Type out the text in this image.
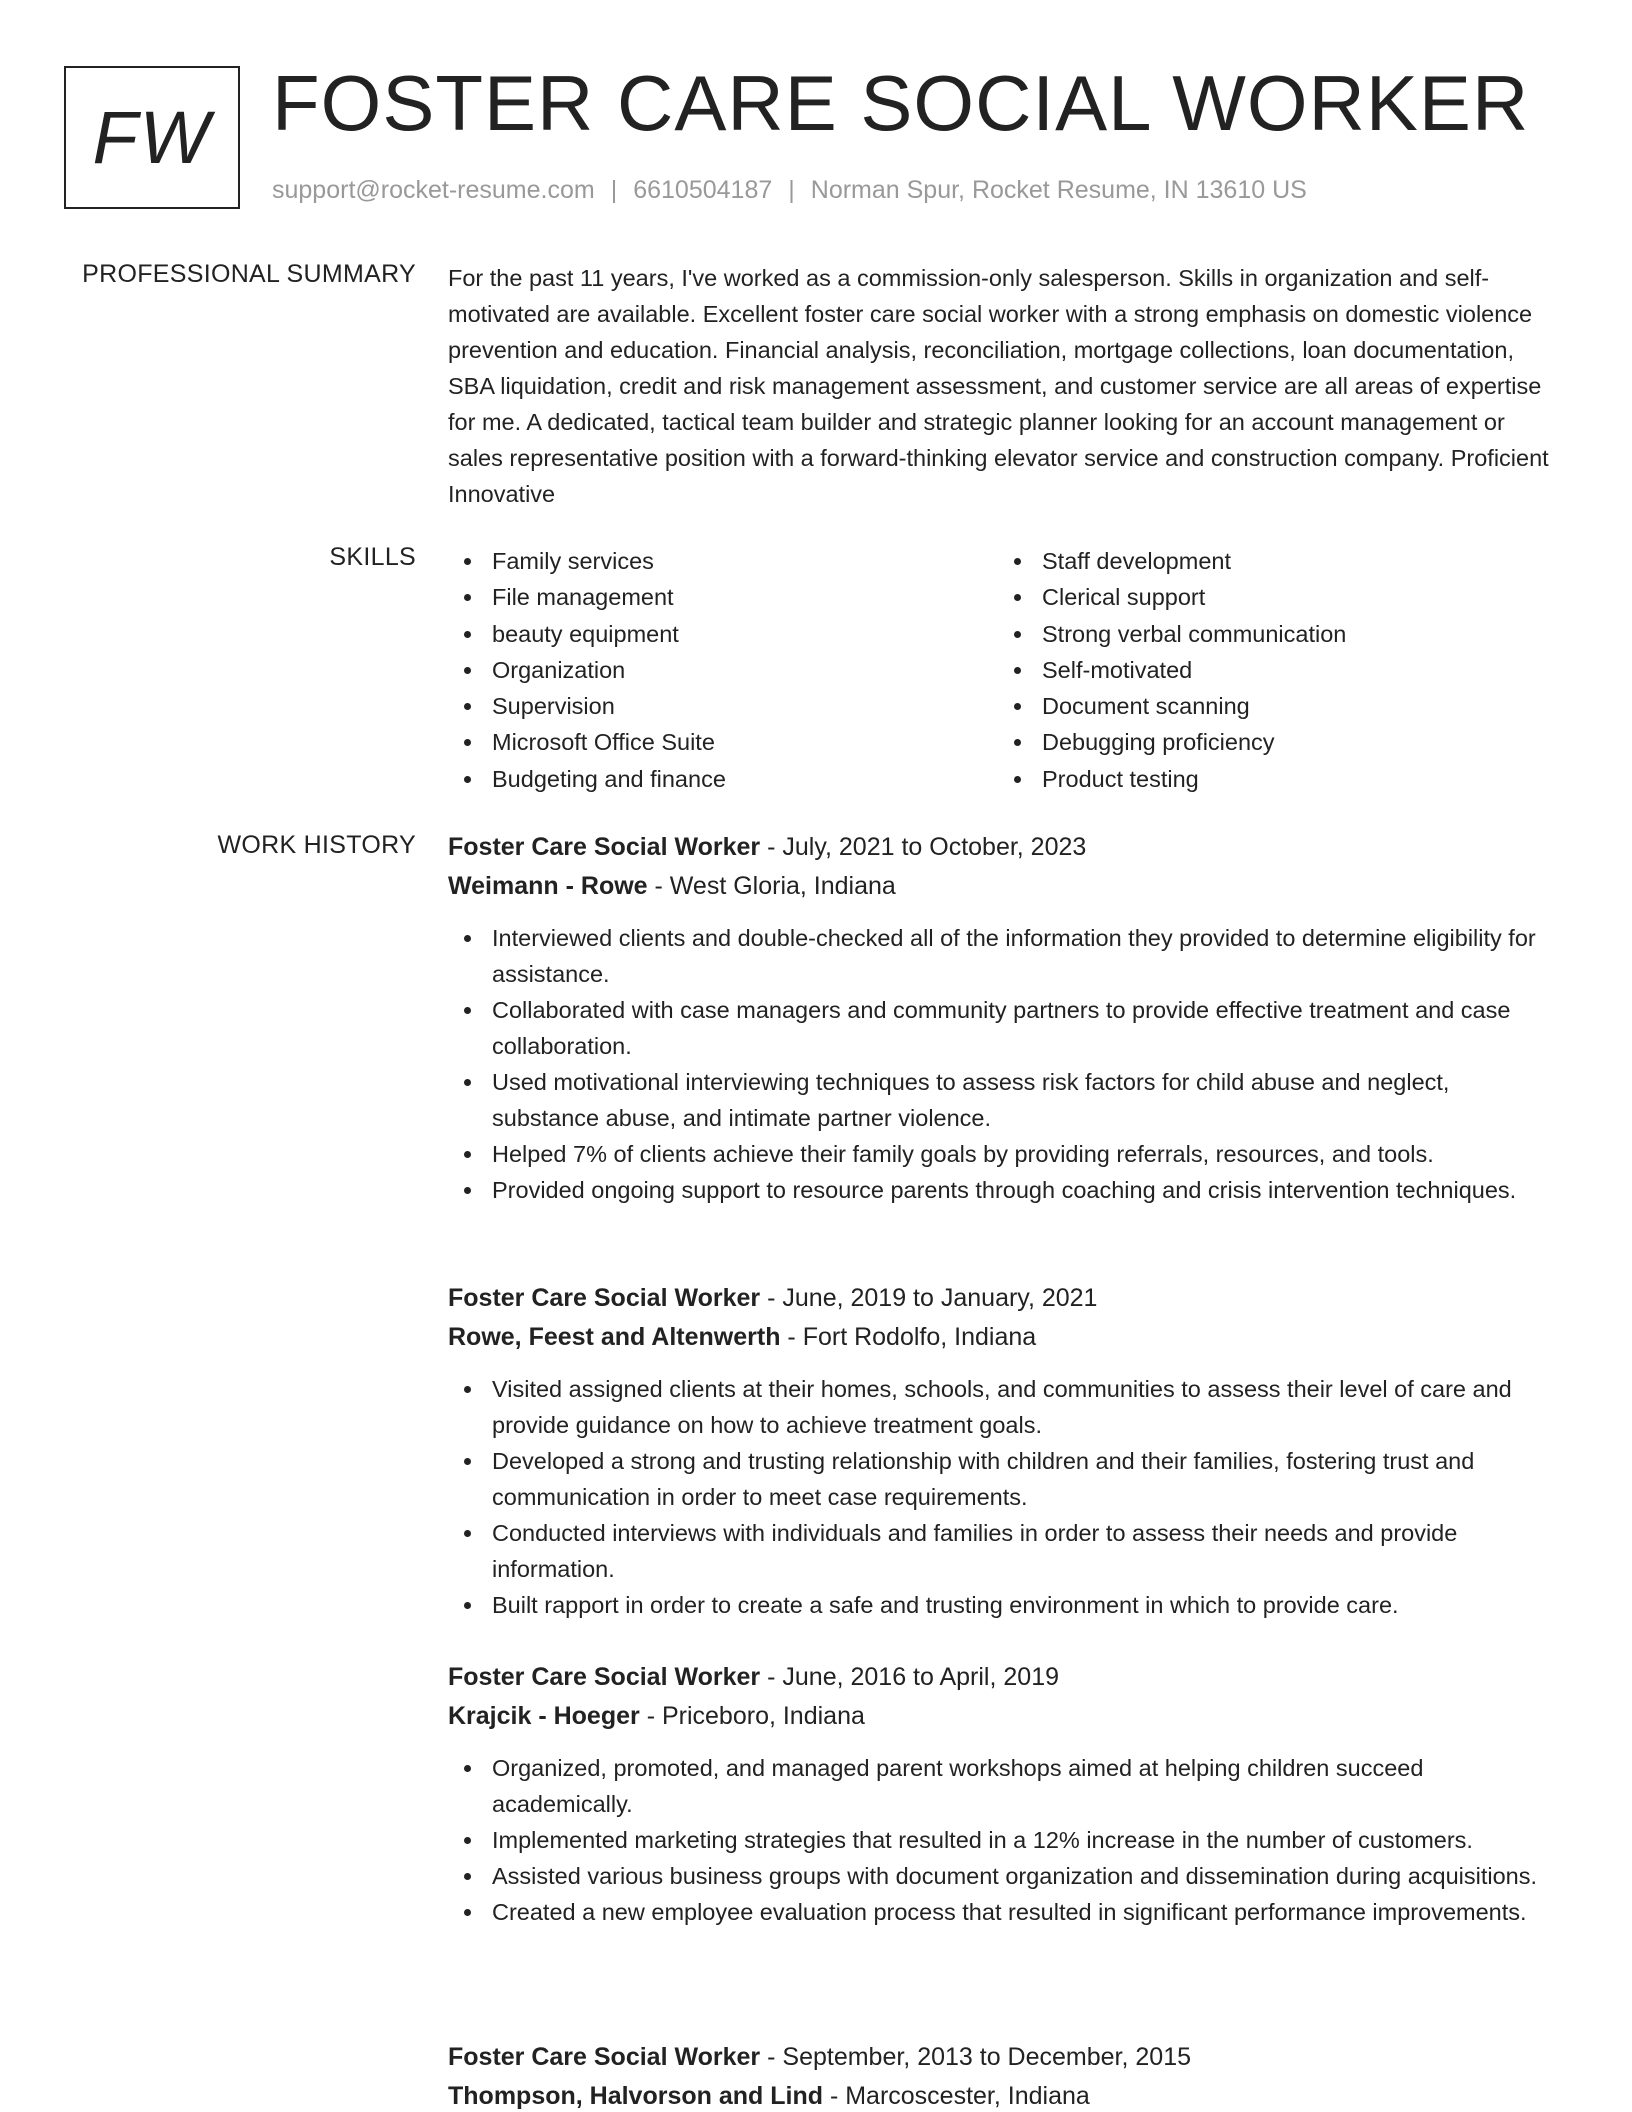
FW FOSTER CARE SOCIAL WORKER
support@rocket-resume.com | 6610504187 | Norman Spur, Rocket Resume, IN 13610 US
PROFESSIONAL SUMMARY For the past 11 years, I've worked as a commission-only salesperson. Skills in organization and self-motivated are available. Excellent foster care social worker with a strong emphasis on domestic violence prevention and education. Financial analysis, reconciliation, mortgage collections, loan documentation, SBA liquidation, credit and risk management assessment, and customer service are all areas of expertise for me. A dedicated, tactical team builder and strategic planner looking for an account management or sales representative position with a forward-thinking elevator service and construction company. Proficient Innovative
SKILLS	Family services
File management
beauty equipment
Organization
Supervision
Microsoft Office Suite
Budgeting and finance
Staff development
Clerical support
Strong verbal communication
Self-motivated
Document scanning
Debugging proficiency
Product testing
WORK HISTORY Foster Care Social Worker - July, 2021 to October, 2023
Weimann - Rowe - West Gloria, Indiana
Interviewed clients and double-checked all of the information they provided to determine eligibility for assistance.
Collaborated with case managers and community partners to provide effective treatment and case collaboration.
Used motivational interviewing techniques to assess risk factors for child abuse and neglect, substance abuse, and intimate partner violence.
Helped 7% of clients achieve their family goals by providing referrals, resources, and tools.
Provided ongoing support to resource parents through coaching and crisis intervention techniques.
Foster Care Social Worker - June, 2019 to January, 2021
Rowe, Feest and Altenwerth - Fort Rodolfo, Indiana
Visited assigned clients at their homes, schools, and communities to assess their level of care and provide guidance on how to achieve treatment goals.
Developed a strong and trusting relationship with children and their families, fostering trust and communication in order to meet case requirements.
Conducted interviews with individuals and families in order to assess their needs and provide information.
Built rapport in order to create a safe and trusting environment in which to provide care.
Foster Care Social Worker - June, 2016 to April, 2019
Krajcik - Hoeger - Priceboro, Indiana
Organized, promoted, and managed parent workshops aimed at helping children succeed academically.
Implemented marketing strategies that resulted in a 12% increase in the number of customers.
Assisted various business groups with document organization and dissemination during acquisitions.
Created a new employee evaluation process that resulted in significant performance improvements.
Foster Care Social Worker - September, 2013 to December, 2015
Thompson, Halvorson and Lind - Marcoscester, Indiana
